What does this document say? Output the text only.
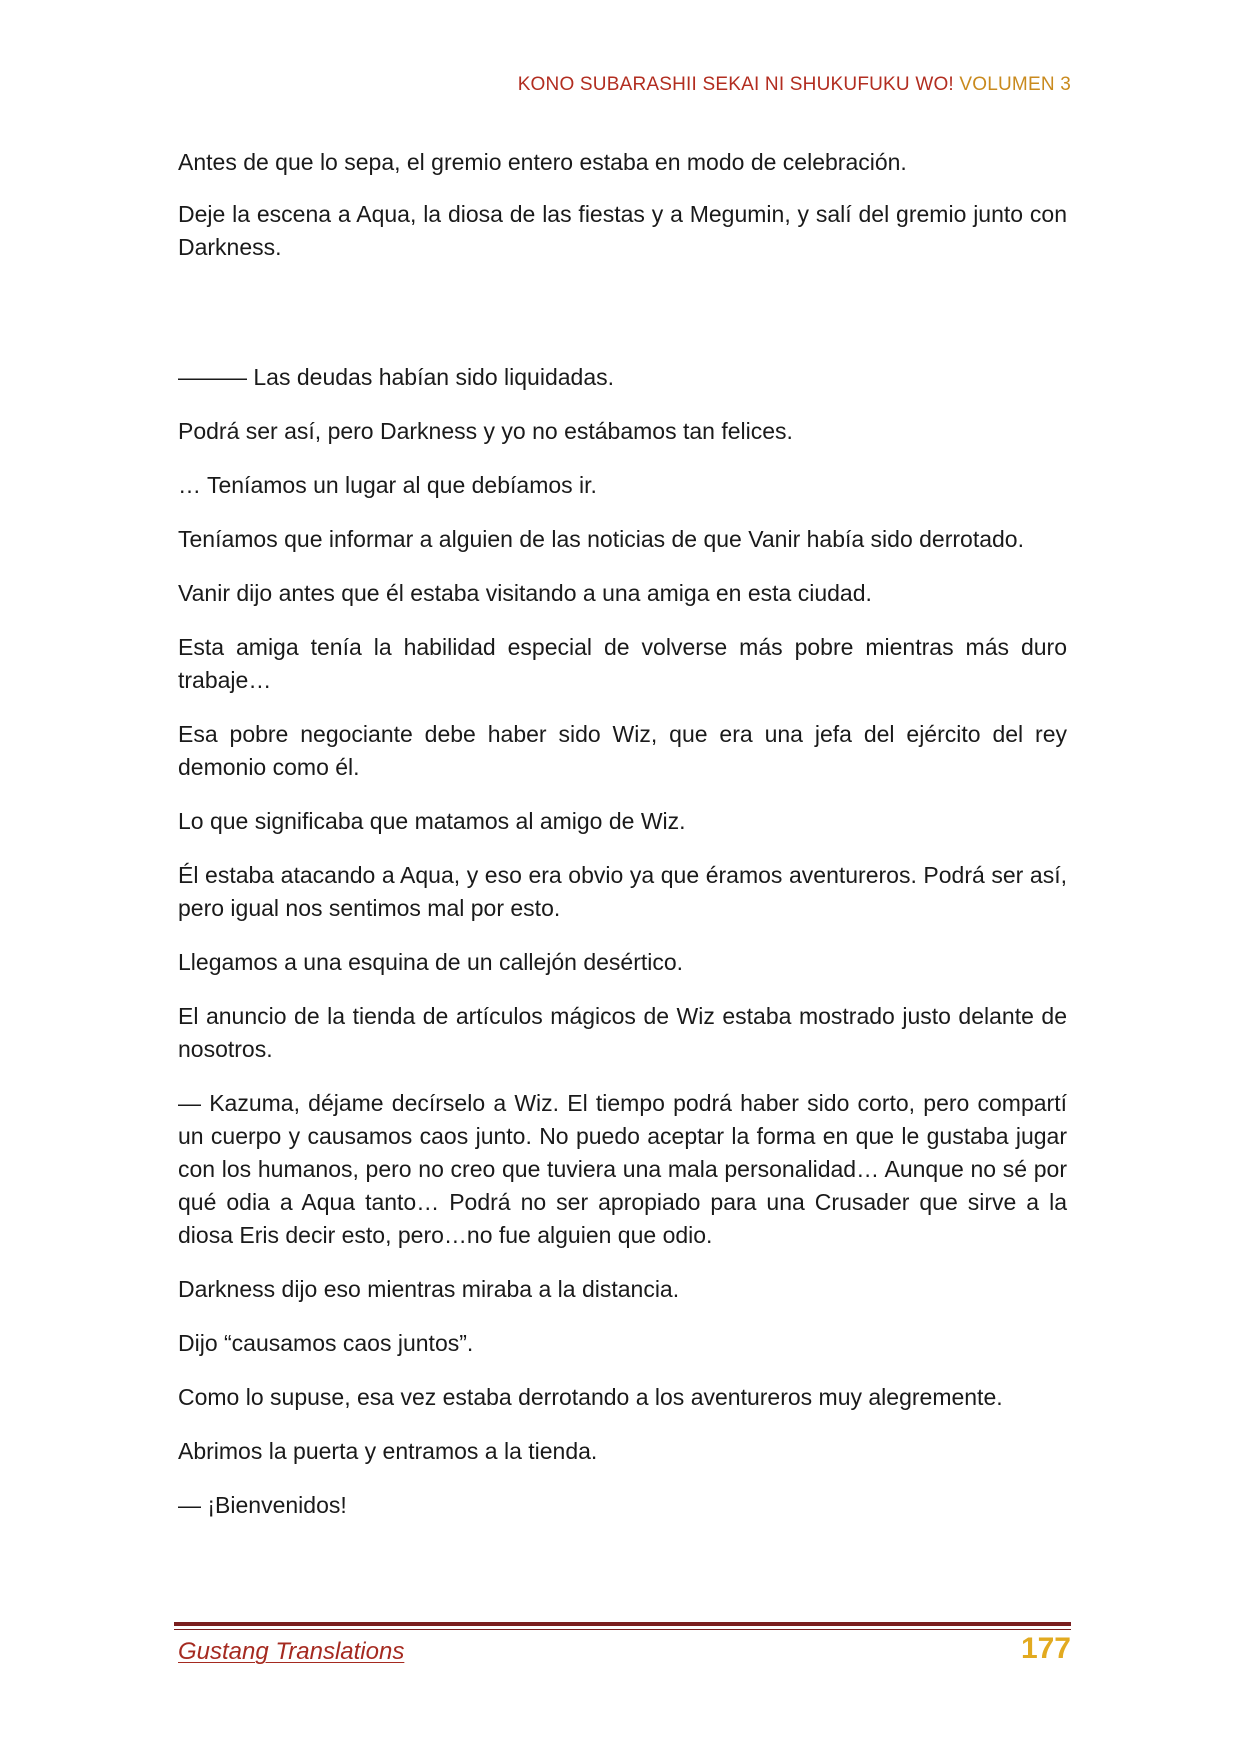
KONO SUBARASHII SEKAI NI SHUKUFUKU WO! VOLUMEN 3

Antes de que lo sepa, el gremio entero estaba en modo de celebración.

Deje la escena a Aqua, la diosa de las fiestas y a Megumin, y salí del gremio junto con Darkness.

——— Las deudas habían sido liquidadas.

Podrá ser así, pero Darkness y yo no estábamos tan felices.

… Teníamos un lugar al que debíamos ir.

Teníamos que informar a alguien de las noticias de que Vanir había sido derrotado.

Vanir dijo antes que él estaba visitando a una amiga en esta ciudad.

Esta amiga tenía la habilidad especial de volverse más pobre mientras más duro trabaje…

Esa pobre negociante debe haber sido Wiz, que era una jefa del ejército del rey demonio como él.

Lo que significaba que matamos al amigo de Wiz.

Él estaba atacando a Aqua, y eso era obvio ya que éramos aventureros. Podrá ser así, pero igual nos sentimos mal por esto.

Llegamos a una esquina de un callejón desértico.

El anuncio de la tienda de artículos mágicos de Wiz estaba mostrado justo delante de nosotros.

— Kazuma, déjame decírselo a Wiz. El tiempo podrá haber sido corto, pero compartí un cuerpo y causamos caos junto. No puedo aceptar la forma en que le gustaba jugar con los humanos, pero no creo que tuviera una mala personalidad… Aunque no sé por qué odia a Aqua tanto… Podrá no ser apropiado para una Crusader que sirve a la diosa Eris decir esto, pero…no fue alguien que odio.

Darkness dijo eso mientras miraba a la distancia.

Dijo “causamos caos juntos”.

Como lo supuse, esa vez estaba derrotando a los aventureros muy alegremente.

Abrimos la puerta y entramos a la tienda.

— ¡Bienvenidos!

Gustang Translations	177
